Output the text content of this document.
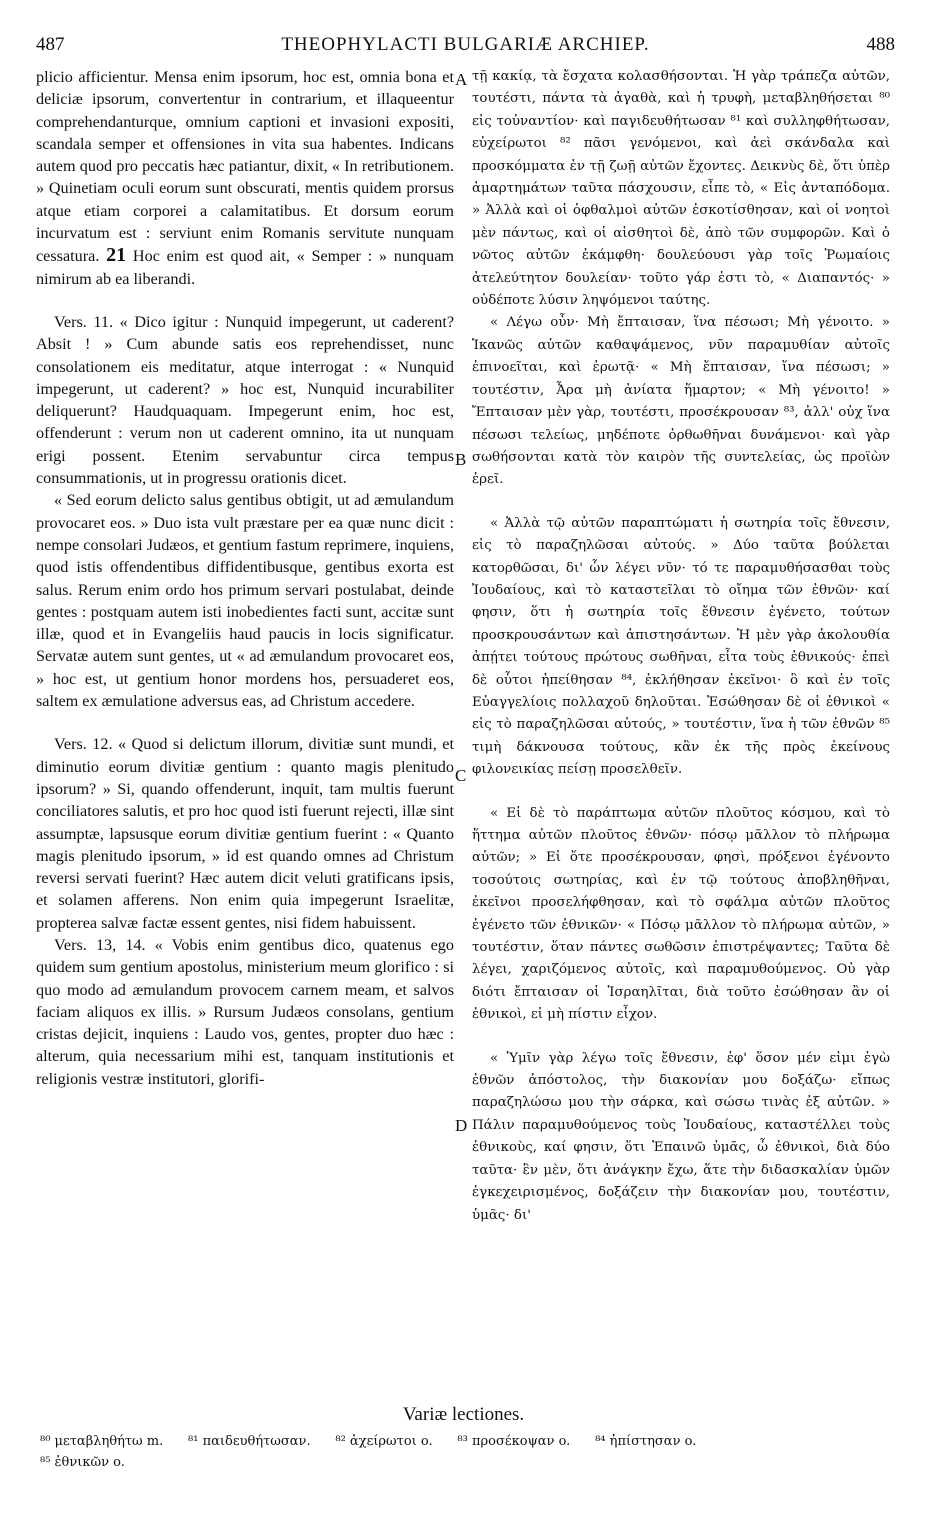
487	THEOPHYLACTI BULGARIÆ ARCHIEP.	488

plicio afficientur. Mensa enim ipsorum, hoc est, omnia bona et deliciæ ipsorum, convertentur in contrarium, et illaqueentur comprehendanturque, omnium captioni et invasioni expositi, scandala semper et offensiones in vita sua habentes. Indicans autem quod pro peccatis hæc patiantur, dixit, « In retributionem. » Quinetiam oculi eorum sunt obscurati, mentis quidem prorsus atque etiam corporei a calamitatibus. Et dorsum eorum incurvatum est : serviunt enim Romanis servitute nunquam cessatura. 21 Hoc enim est quod ait, « Semper : » nunquam nimirum ab ea liberandi.

Vers. 11. « Dico igitur : Nunquid impegerunt, ut caderent? Absit ! » Cum abunde satis eos reprehendisset, nunc consolationem eis meditatur, atque interrogat : « Nunquid impegerunt, ut caderent? » hoc est, Nunquid incurabiliter deliquerunt? Haudquaquam. Impegerunt enim, hoc est, offenderunt : verum non ut caderent omnino, ita ut nunquam erigi possent. Etenim servabuntur circa tempus consummationis, ut in progressu orationis dicet.

« Sed eorum delicto salus gentibus obtigit, ut ad æmulandum provocaret eos. » Duo ista vult præstare per ea quæ nunc dicit : nempe consolari Judæos, et gentium fastum reprimere, inquiens, quod istis offendentibus diffidentibusque, gentibus exorta est salus. Rerum enim ordo hos primum servari postulabat, deinde gentes : postquam autem isti inobedientes facti sunt, accitæ sunt illæ, quod et in Evangeliis haud paucis in locis significatur. Servatæ autem sunt gentes, ut « ad æmulandum provocaret eos, » hoc est, ut gentium honor mordens hos, persuaderet eos, saltem ex æmulatione adversus eas, ad Christum accedere.

Vers. 12. « Quod si delictum illorum, divitiæ sunt mundi, et diminutio eorum divitiæ gentium : quanto magis plenitudo ipsorum? » Si, quando offenderunt, inquit, tam multis fuerunt conciliatores salutis, et pro hoc quod isti fuerunt rejecti, illæ sint assumptæ, lapsusque eorum divitiæ gentium fuerint : « Quanto magis plenitudo ipsorum, » id est quando omnes ad Christum reversi servati fuerint? Hæc autem dicit veluti gratificans ipsis, et solamen afferens. Non enim quia impegerunt Israelitæ, propterea salvæ factæ essent gentes, nisi fidem habuissent.

Vers. 13, 14. « Vobis enim gentibus dico, quatenus ego quidem sum gentium apostolus, ministerium meum glorifico : si quo modo ad æmulandum provocem carnem meam, et salvos faciam aliquos ex illis. » Rursum Judæos consolans, gentium cristas dejicit, inquiens : Laudo vos, gentes, propter duo hæc : alterum, quia necessarium mihi est, tanquam institutionis et religionis vestræ institutori, glorifi-

τῇ κακίᾳ, τὰ ἔσχατα κολασθήσονται. Ἡ γὰρ τράπεζα αὐτῶν, τουτέστι, πάντα τὰ ἀγαθὰ, καὶ ἡ τρυφὴ, μεταβληθήσεται ⁸⁰ εἰς τοὐναντίον· καὶ παγιδευθήτωσαν ⁸¹ καὶ συλληφθήτωσαν, εὐχείρωτοι ⁸² πᾶσι γενόμενοι, καὶ ἀεὶ σκάνδαλα καὶ προσκόμματα ἐν τῇ ζωῇ αὐτῶν ἔχοντες. Δεικνὺς δὲ, ὅτι ὑπὲρ ἁμαρτημάτων ταῦτα πάσχουσιν, εἶπε τὸ, « Εἰς ἀνταπόδομα. » Ἀλλὰ καὶ οἱ ὀφθαλμοὶ αὐτῶν ἐσκοτίσθησαν, καὶ οἱ νοητοὶ μὲν πάντως, καὶ οἱ αἰσθητοὶ δὲ, ἀπὸ τῶν συμφορῶν. Καὶ ὁ νῶτος αὐτῶν ἐκάμφθη· δουλεύουσι γὰρ τοῖς Ῥωμαίοις ἀτελεύτητον δουλείαν· τοῦτο γάρ ἐστι τὸ, « Διαπαντός· » οὐδέποτε λύσιν ληψόμενοι ταύτης.

« Λέγω οὖν· Μὴ ἔπταισαν, ἵνα πέσωσι; Μὴ γένοιτο. » Ἱκανῶς αὐτῶν καθαψάμενος, νῦν παραμυθίαν αὐτοῖς ἐπινοεῖται, καὶ ἐρωτᾷ· « Μὴ ἔπταισαν, ἵνα πέσωσι; » τουτέστιν, Ἆρα μὴ ἀνίατα ἥμαρτον; « Μὴ γένοιτο! » Ἔπταισαν μὲν γὰρ, τουτέστι, προσέκρουσαν ⁸³, ἀλλ' οὐχ ἵνα πέσωσι τελείως, μηδέποτε ὀρθωθῆναι δυνάμενοι· καὶ γὰρ σωθήσονται κατὰ τὸν καιρὸν τῆς συντελείας, ὡς προϊὼν ἐρεῖ.

« Ἀλλὰ τῷ αὐτῶν παραπτώματι ἡ σωτηρία τοῖς ἔθνεσιν, εἰς τὸ παραζηλῶσαι αὐτούς. » Δύο ταῦτα βούλεται κατορθῶσαι, δι' ὧν λέγει νῦν· τό τε παραμυθήσασθαι τοὺς Ἰουδαίους, καὶ τὸ καταστεῖλαι τὸ οἴημα τῶν ἐθνῶν· καί φησιν, ὅτι ἡ σωτηρία τοῖς ἔθνεσιν ἐγένετο, τούτων προσκρουσάντων καὶ ἀπιστησάντων. Ἡ μὲν γὰρ ἀκολουθία ἀπῄτει τούτους πρώτους σωθῆναι, εἶτα τοὺς ἐθνικούς· ἐπεὶ δὲ οὗτοι ἠπείθησαν ⁸⁴, ἐκλήθησαν ἐκεῖνοι· ὃ καὶ ἐν τοῖς Εὐαγγελίοις πολλαχοῦ δηλοῦται. Ἐσώθησαν δὲ οἱ ἐθνικοὶ « εἰς τὸ παραζηλῶσαι αὐτούς, » τουτέστιν, ἵνα ἡ τῶν ἐθνῶν ⁸⁵ τιμὴ δάκνουσα τούτους, κἂν ἐκ τῆς πρὸς ἐκείνους φιλονεικίας πείσῃ προσελθεῖν.

« Εἰ δὲ τὸ παράπτωμα αὐτῶν πλοῦτος κόσμου, καὶ τὸ ἥττημα αὐτῶν πλοῦτος ἐθνῶν· πόσῳ μᾶλλον τὸ πλήρωμα αὐτῶν; » Εἰ ὅτε προσέκρουσαν, φησὶ, πρόξενοι ἐγένοντο τοσούτοις σωτηρίας, καὶ ἐν τῷ τούτους ἀποβληθῆναι, ἐκεῖνοι προσελήφθησαν, καὶ τὸ σφάλμα αὐτῶν πλοῦτος ἐγένετο τῶν ἐθνικῶν· « Πόσῳ μᾶλλον τὸ πλήρωμα αὐτῶν, » τουτέστιν, ὅταν πάντες σωθῶσιν ἐπιστρέψαντες; Ταῦτα δὲ λέγει, χαριζόμενος αὐτοῖς, καὶ παραμυθούμενος. Οὐ γὰρ διότι ἔπταισαν οἱ Ἰσραηλῖται, διὰ τοῦτο ἐσώθησαν ἂν οἱ ἐθνικοὶ, εἰ μὴ πίστιν εἶχον.

« Ὑμῖν γὰρ λέγω τοῖς ἔθνεσιν, ἐφ' ὅσον μέν εἰμι ἐγὼ ἐθνῶν ἀπόστολος, τὴν διακονίαν μου δοξάζω· εἴπως παραζηλώσω μου τὴν σάρκα, καὶ σώσω τινὰς ἐξ αὐτῶν. » Πάλιν παραμυθούμενος τοὺς Ἰουδαίους, καταστέλλει τοὺς ἐθνικοὺς, καί φησιν, ὅτι Ἐπαινῶ ὑμᾶς, ὦ ἐθνικοὶ, διὰ δύο ταῦτα· ἓν μὲν, ὅτι ἀνάγκην ἔχω, ἅτε τὴν διδασκαλίαν ὑμῶν ἐγκεχειρισμένος, δοξάζειν τὴν διακονίαν μου, τουτέστιν, ὑμᾶς· δι'

A
B
C
D
Variæ lectiones.
⁸⁰ μεταβληθήτω m.      ⁸¹ παιδευθήτωσαν.      ⁸² ἀχείρωτοι o.      ⁸³ προσέκοψαν o.      ⁸⁴ ἠπίστησαν o.
⁸⁵ ἐθνικῶν o.
